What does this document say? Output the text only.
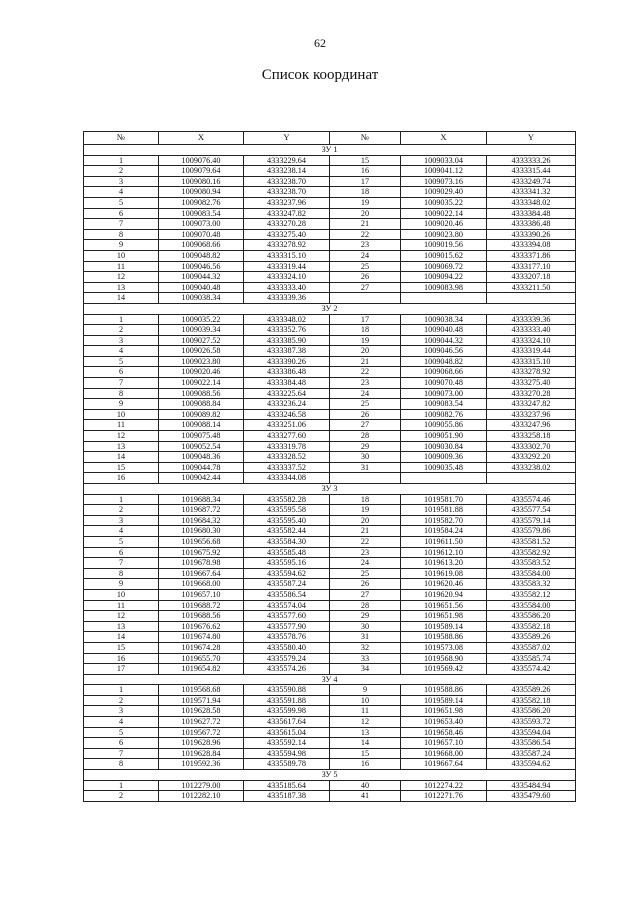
62
Список координат
№	X	Y	№	X	Y
ЗУ 1					
1	1009076.40	4333229.64	15	1009033.04	4333333.26
2	1009079.64	4333238.14	16	1009041.12	4333315.44
3	1009080.16	4333238.70	17	1009073.16	4333249.74
4	1009080.94	4333238.70	18	1009029.40	4333341.32
5	1009082.76	4333237.96	19	1009035.22	4333348.02
6	1009083.54	4333247.82	20	1009022.14	4333384.48
7	1009073.00	4333270.28	21	1009020.46	4333386.48
8	1009070.48	4333275.40	22	1009023.80	4333390.26
9	1009068.66	4333278.92	23	1009019.56	4333394.08
10	1009048.82	4333315.10	24	1009015.62	4333371.86
11	1009046.56	4333319.44	25	1009069.72	4333177.10
12	1009044.32	4333324.10	26	1009094.22	4333207.18
13	1009040.48	4333333.40	27	1009083.98	4333211.50
14	1009038.34	4333339.36			
ЗУ 2					
1	1009035.22	4333348.02	17	1009038.34	4333339.36
2	1009039.34	4333352.76	18	1009040.48	4333333.40
3	1009027.52	4333385.90	19	1009044.32	4333324.10
4	1009026.58	4333387.38	20	1009046.56	4333319.44
5	1009023.80	4333390.26	21	1009048.82	4333315.10
6	1009020.46	4333386.48	22	1009068.66	4333278.92
7	1009022.14	4333384.48	23	1009070.48	4333275.40
8	1009088.56	4333225.64	24	1009073.00	4333270.28
9	1009088.84	4333236.24	25	1009083.54	4333247.82
10	1009089.82	4333246.58	26	1009082.76	4333237.96
11	1009088.14	4333251.06	27	1009055.86	4333247.96
12	1009075.48	4333277.60	28	1009051.90	4333258.18
13	1009052.54	4333319.78	29	1009030.84	4333302.70
14	1009048.36	4333328.52	30	1009009.36	4333292.20
15	1009044.78	4333337.52	31	1009035.48	4333238.02
16	1009042.44	4333344.08			
ЗУ 3					
1	1019688.34	4335582.28	18	1019581.70	4335574.46
2	1019687.72	4335595.58	19	1019581.88	4335577.54
3	1019684.32	4335595.40	20	1019582.70	4335579.14
4	1019680.30	4335582.44	21	1019584.24	4335579.86
5	1019656.68	4335584.30	22	1019611.50	4335581.52
6	1019675.92	4335585.48	23	1019612.10	4335582.92
7	1019678.98	4335595.16	24	1019613.20	4335583.52
8	1019667.64	4335594.62	25	1019619.08	4335584.00
9	1019668.00	4335587.24	26	1019620.46	4335583.32
10	1019657.10	4335586.54	27	1019620.94	4335582.12
11	1019688.72	4335574.04	28	1019651.56	4335584.00
12	1019688.56	4335577.60	29	1019651.98	4335586.20
13	1019676.62	4335577.90	30	1019589.14	4335582.18
14	1019674.80	4335578.76	31	1019588.86	4335589.26
15	1019674.28	4335580.40	32	1019573.08	4335587.02
16	1019655.70	4335579.24	33	1019568.90	4335585.74
17	1019654.82	4335574.26	34	1019569.42	4335574.42
ЗУ 4					
1	1019568.68	4335590.88	9	1019588.86	4335589.26
2	1019571.94	4335591.88	10	1019589.14	4335582.18
3	1019628.58	4335599.98	11	1019651.98	4335586.20
4	1019627.72	4335617.64	12	1019653.40	4335593.72
5	1019567.72	4335615.04	13	1019658.46	4335594.04
6	1019628.96	4335592.14	14	1019657.10	4335586.54
7	1019628.84	4335594.98	15	1019668.00	4335587.24
8	1019592.36	4335589.78	16	1019667.64	4335594.62
ЗУ 5					
1	1012279.00	4335185.64	40	1012274.22	4335484.94
2	1012282.10	4335187.38	41	1012271.76	4335479.60
